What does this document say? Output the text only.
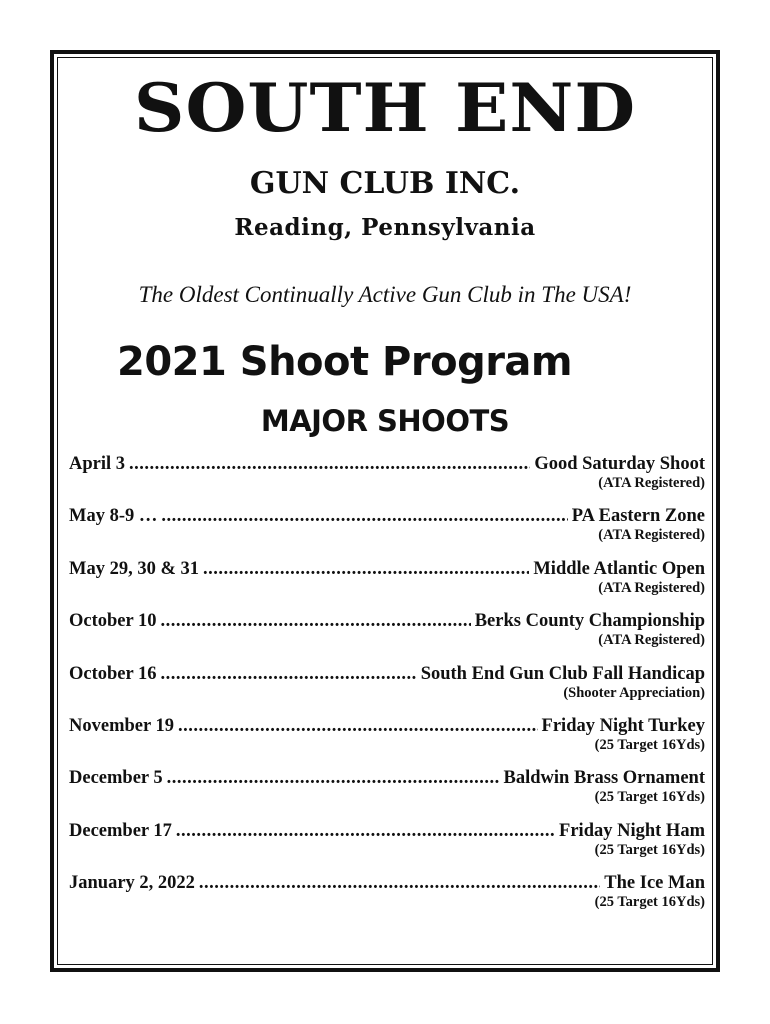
SOUTH END
GUN CLUB INC.
Reading, Pennsylvania
The Oldest Continually Active Gun Club in The USA!
2021 Shoot Program
MAJOR SHOOTS
April 3 .....	Good Saturday Shoot
(ATA Registered)
May 8-9 … .....	PA Eastern Zone
(ATA Registered)
May 29, 30 & 31 .....	Middle Atlantic Open
(ATA Registered)
October 10 .....	Berks County Championship
(ATA Registered)
October 16 .....	South End Gun Club Fall Handicap
(Shooter Appreciation)
November 19 .....	Friday Night Turkey
(25 Target 16Yds)
December 5 .....	Baldwin Brass Ornament
(25 Target 16Yds)
December 17 .....	Friday Night Ham
(25 Target 16Yds)
January 2, 2022 .....	The Ice Man
(25 Target 16Yds)
